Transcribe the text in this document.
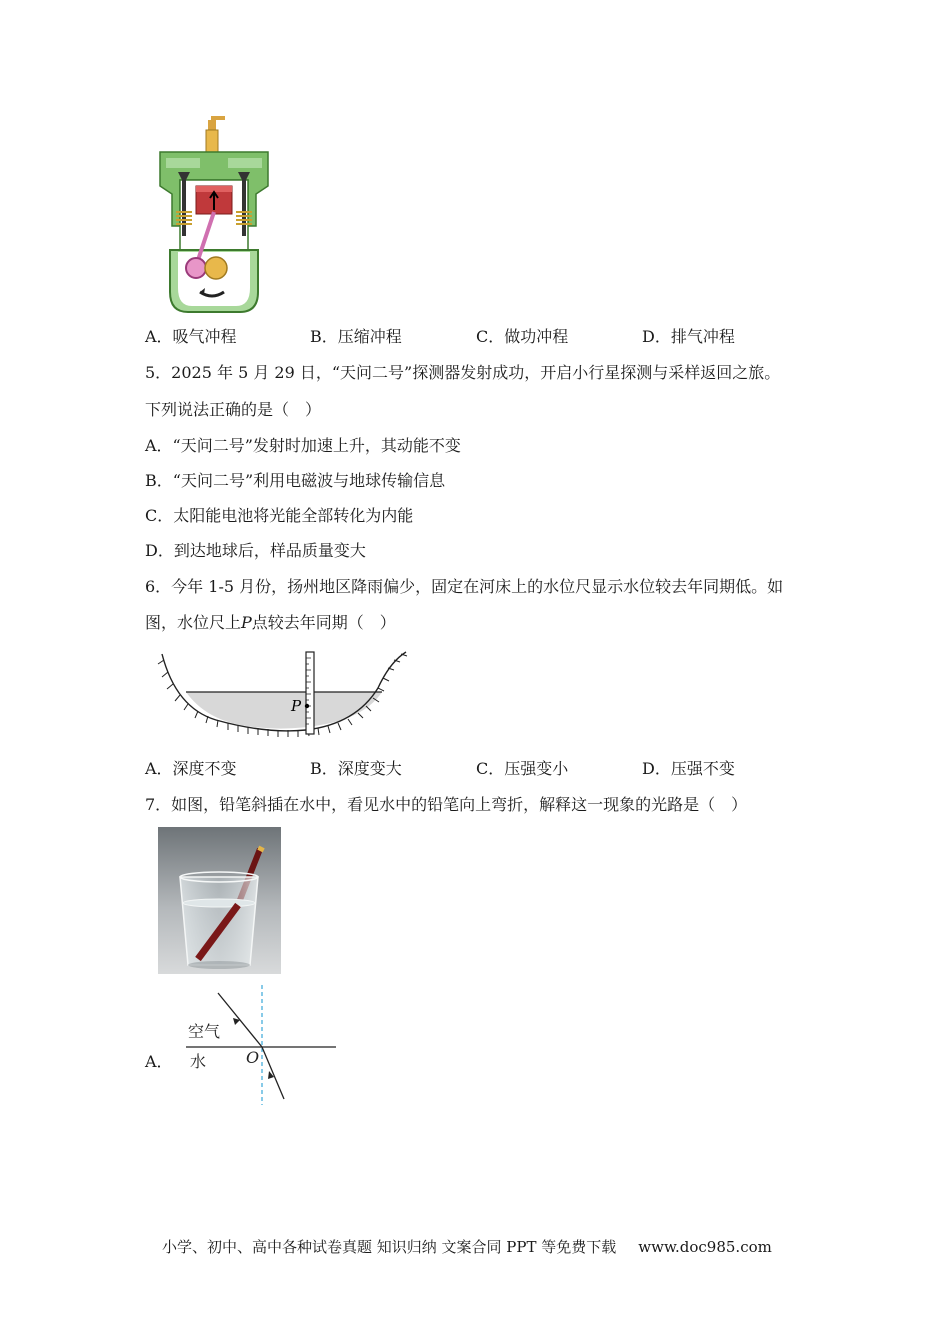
A．吸气冲程	B．压缩冲程	C．做功冲程	D．排气冲程
5．2025 年 5 月 29 日，“天问二号”探测器发射成功，开启小行星探测与采样返回之旅。
下列说法正确的是（　）
A．“天问二号”发射时加速上升，其动能不变
B．“天问二号”利用电磁波与地球传输信息
C．太阳能电池将光能全部转化为内能
D．到达地球后，样品质量变大
6．今年 1-5 月份，扬州地区降雨偏少，固定在河床上的水位尺显示水位较去年同期低。如
图，水位尺上P点较去年同期（　）
P
A．深度不变	B．深度变大	C．压强变小	D．压强不变
7．如图，铅笔斜插在水中，看见水中的铅笔向上弯折，解释这一现象的光路是（　）
A．
空气
水 O
小学、初中、高中各种试卷真题 知识归纳 文案合同 PPT 等免费下载 www.doc985.com
